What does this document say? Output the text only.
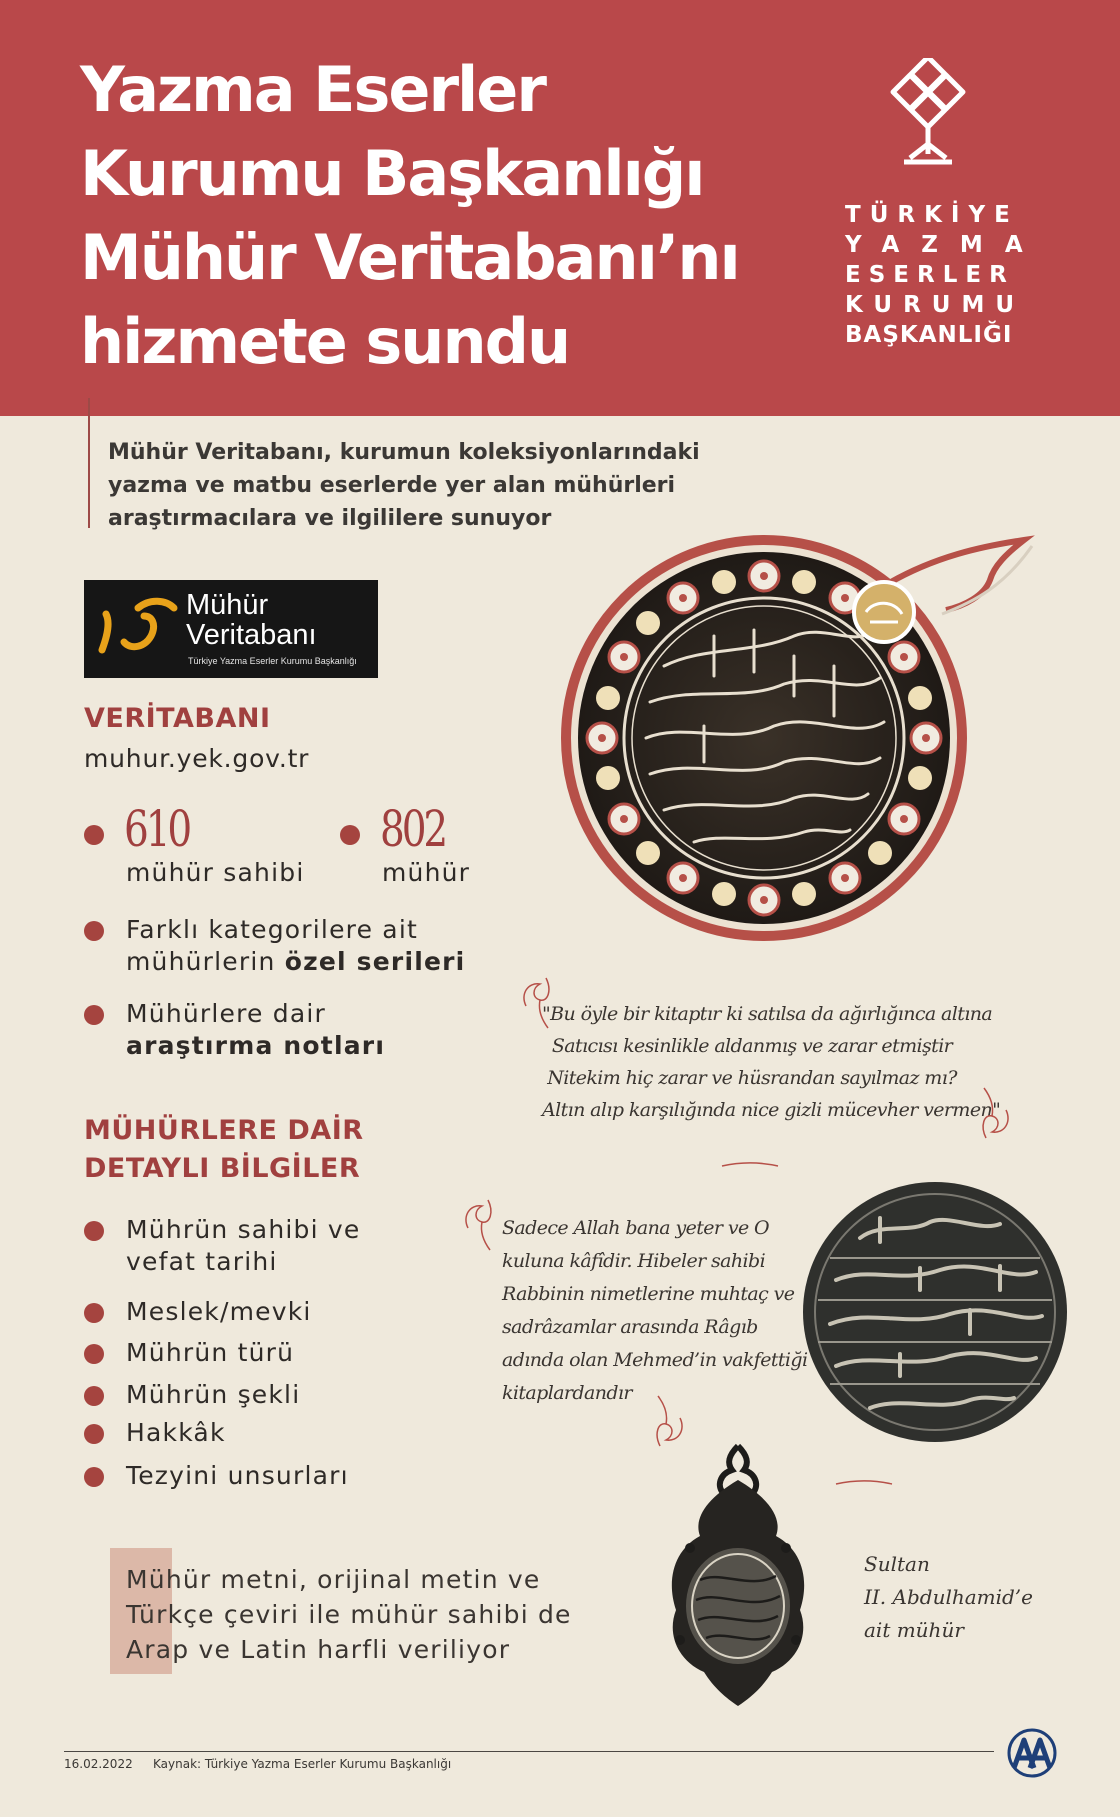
Yazma Eserler
Kurumu Başkanlığı
Mühür Veritabanı’nı
hizmete sundu
TÜRKİYE
YAZMA
ESERLER
KURUMU
BAŞKANLIĞI
Mühür Veritabanı, kurumun koleksiyonlarındaki
yazma ve matbu eserlerde yer alan mühürleri
araştırmacılara ve ilgililere sunuyor
Mühür
Veritabanı
Türkiye Yazma Eserler Kurumu Başkanlığı
VERİTABANI
muhur.yek.gov.tr
610
mühür sahibi
802
mühür
Farklı kategorilere ait
mühürlerin özel serileri
Mühürlere dair
araştırma notları
MÜHÜRLERE DAİR
DETAYLI BİLGİLER
Mührün sahibi ve
vefat tarihi
Meslek/mevki
Mührün türü
Mührün şekli
Hakkâk
Tezyini unsurları
Mühür metni, orijinal metin ve
Türkçe çeviri ile mühür sahibi de
Arap ve Latin harfli veriliyor
"Bu öyle bir kitaptır ki satılsa da ağırlığınca altına
Satıcısı kesinlikle aldanmış ve zarar etmiştir
Nitekim hiç zarar ve hüsrandan sayılmaz mı?
Altın alıp karşılığında nice gizli mücevher vermen"
Sadece Allah bana yeter ve O
kuluna kâfîdir. Hibeler sahibi
Rabbinin nimetlerine muhtaç ve
sadrâzamlar arasında Râgıb
adında olan Mehmed’in vakfettiği
kitaplardandır
Sultan
II. Abdulhamid’e
ait mühür
16.02.2022 Kaynak: Türkiye Yazma Eserler Kurumu Başkanlığı
